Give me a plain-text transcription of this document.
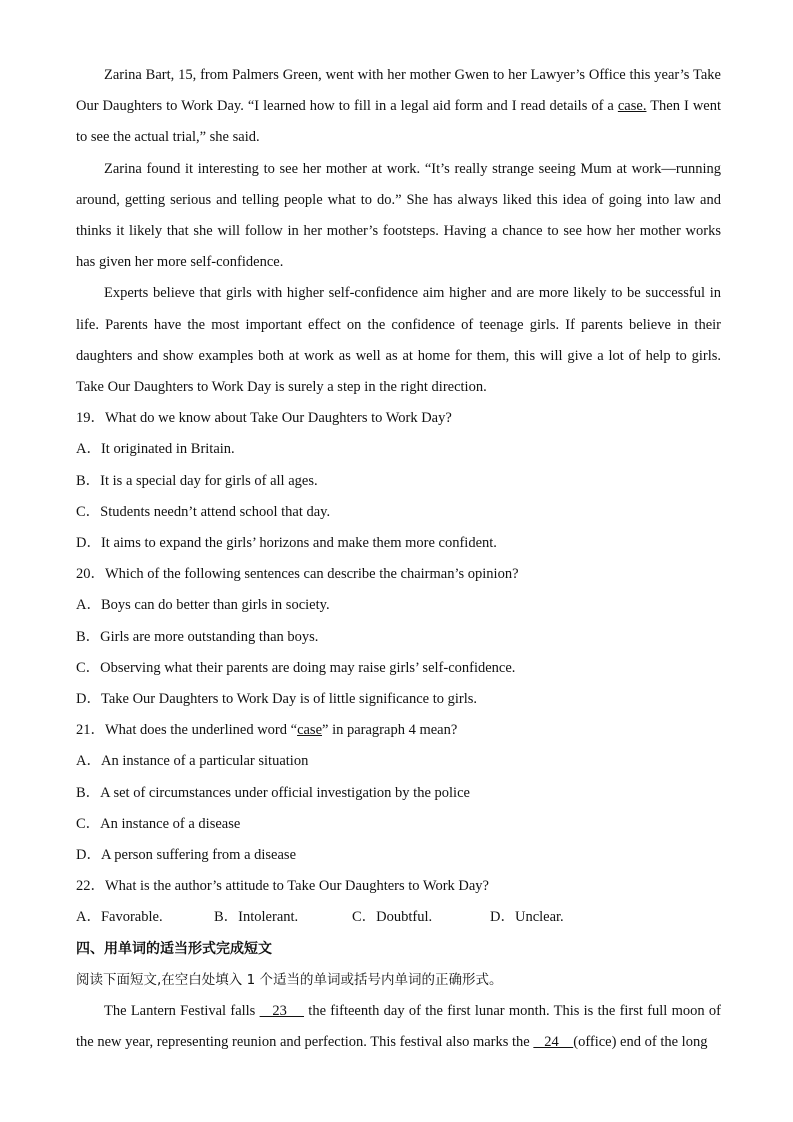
Zarina Bart, 15, from Palmers Green, went with her mother Gwen to her Lawyer’s Office this year’s Take Our Daughters to Work Day. “I learned how to fill in a legal aid form and I read details of a case. Then I went to see the actual trial,” she said.

Zarina found it interesting to see her mother at work. “It’s really strange seeing Mum at work—running around, getting serious and telling people what to do.” She has always liked this idea of going into law and thinks it likely that she will follow in her mother’s footsteps. Having a chance to see how her mother works has given her more self-confidence.

Experts believe that girls with higher self-confidence aim higher and are more likely to be successful in life. Parents have the most important effect on the confidence of teenage girls. If parents believe in their daughters and show examples both at work as well as at home for them, this will give a lot of help to girls. Take Our Daughters to Work Day is surely a step in the right direction.

19．What do we know about Take Our Daughters to Work Day?

A．It originated in Britain.

B．It is a special day for girls of all ages.

C．Students needn’t attend school that day.

D．It aims to expand the girls’ horizons and make them more confident.

20．Which of the following sentences can describe the chairman’s opinion?

A．Boys can do better than girls in society.

B．Girls are more outstanding than boys.

C．Observing what their parents are doing may raise girls’ self-confidence.

D．Take Our Daughters to Work Day is of little significance to girls.

21．What does the underlined word “case” in paragraph 4 mean?

A．An instance of a particular situation

B．A set of circumstances under official investigation by the police

C．An instance of a disease

D．A person suffering from a disease

22．What is the author’s attitude to Take Our Daughters to Work Day?

A．Favorable.	B．Intolerant.	C．Doubtful.	D．Unclear.

四、用单词的适当形式完成短文

阅读下面短文,在空白处填入 1 个适当的单词或括号内单词的正确形式。

The Lantern Festival falls    23     the fifteenth day of the first lunar month. This is the first full moon of the new year, representing reunion and perfection. This festival also marks the    24    (office) end of the long
